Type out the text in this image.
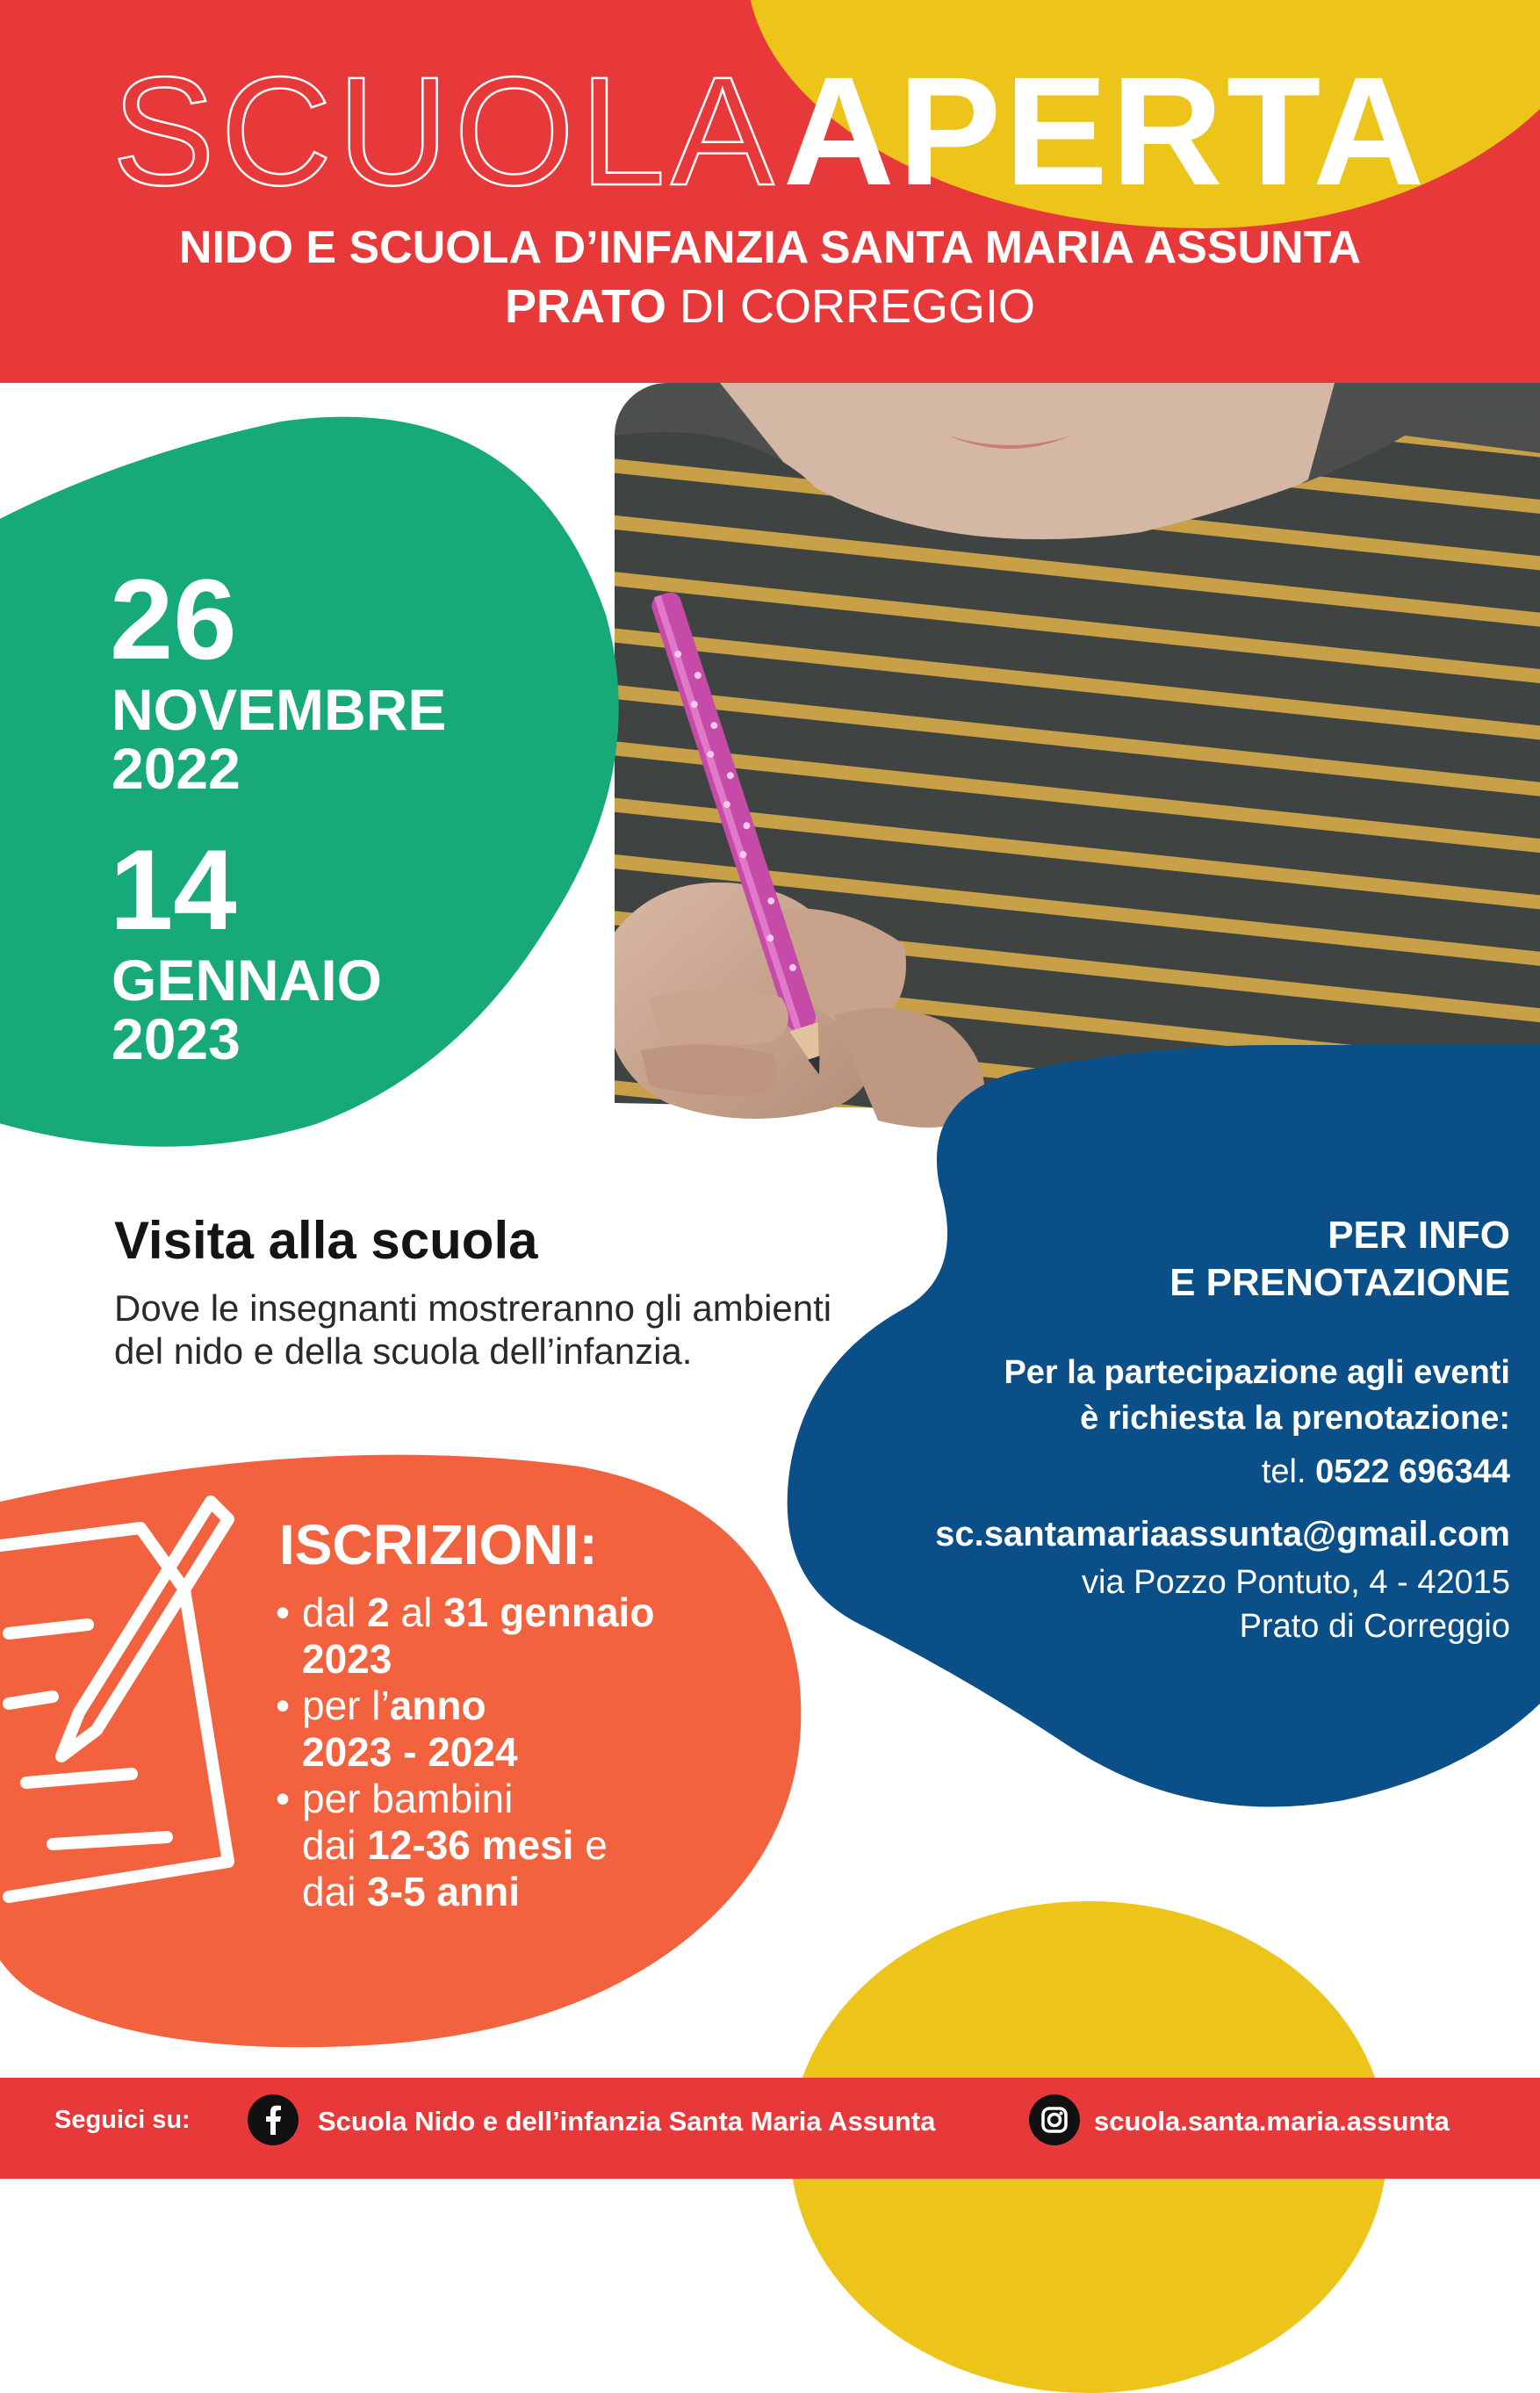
SCUOLA APERTA
NIDO E SCUOLA D’INFANZIA SANTA MARIA ASSUNTA
PRATO DI CORREGGIO
26
NOVEMBRE
2022
14
GENNAIO
2023
Visita alla scuola
Dove le insegnanti mostreranno gli ambienti del nido e della scuola dell’infanzia.
PER INFO
E PRENOTAZIONE
Per la partecipazione agli eventi
è richiesta la prenotazione:
tel. 0522 696344
sc.santamariaassunta@gmail.com
via Pozzo Pontuto, 4 - 42015
Prato di Correggio
ISCRIZIONI:
• dal 2 al 31 gennaio
2023
• per l’anno
2023 - 2024
• per bambini
dai 12-36 mesi e
dai 3-5 anni
Seguici su:	Scuola Nido e dell’infanzia Santa Maria Assunta	scuola.santa.maria.assunta
